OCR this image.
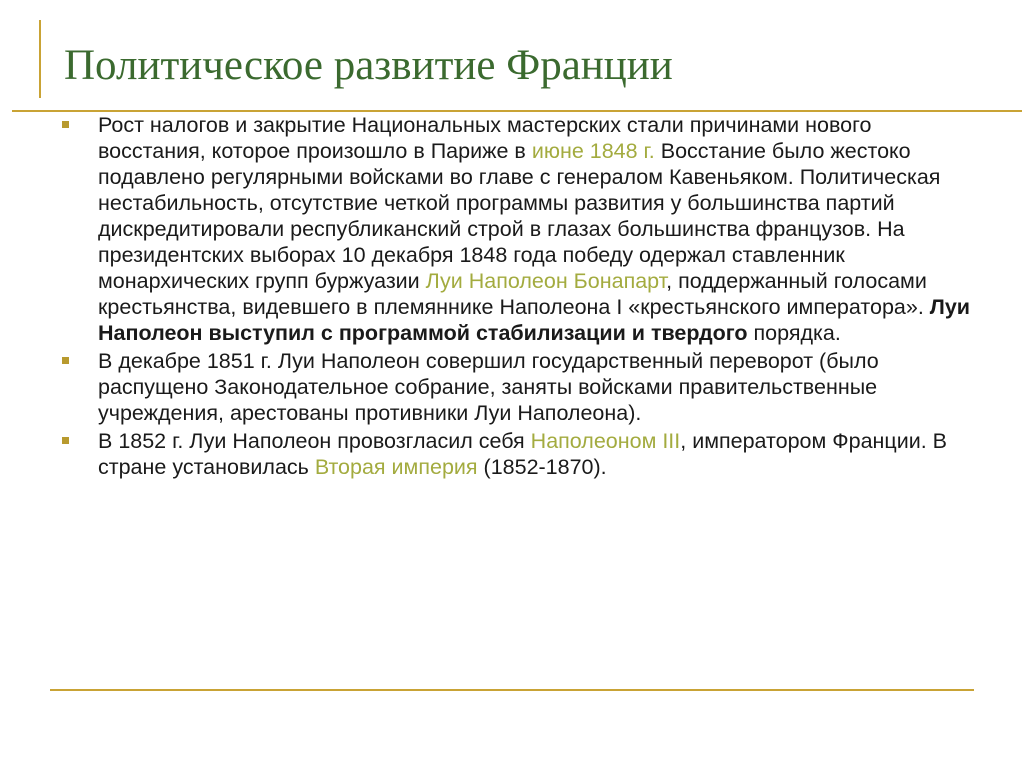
Политическое развитие Франции
Рост налогов и закрытие Национальных мастерских стали причинами нового восстания, которое произошло в Париже в июне 1848 г. Восстание было жестоко подавлено регулярными войсками во главе с генералом Кавеньяком. Политическая нестабильность, отсутствие четкой программы развития у большинства партий дискредитировали республиканский строй в глазах большинства французов. На президентских выборах 10 декабря 1848 года победу одержал ставленник монархических групп буржуазии Луи Наполеон Бонапарт, поддержанный голосами крестьянства, видевшего в племяннике Наполеона I «крестьянского императора». Луи Наполеон выступил с программой стабилизации и твердого порядка.
В декабре 1851 г. Луи Наполеон совершил государственный переворот (было распущено Законодательное собрание, заняты войсками правительственные учреждения, арестованы противники Луи Наполеона).
В 1852 г. Луи Наполеон провозгласил себя Наполеоном III, императором Франции. В стране установилась Вторая империя (1852-1870).
